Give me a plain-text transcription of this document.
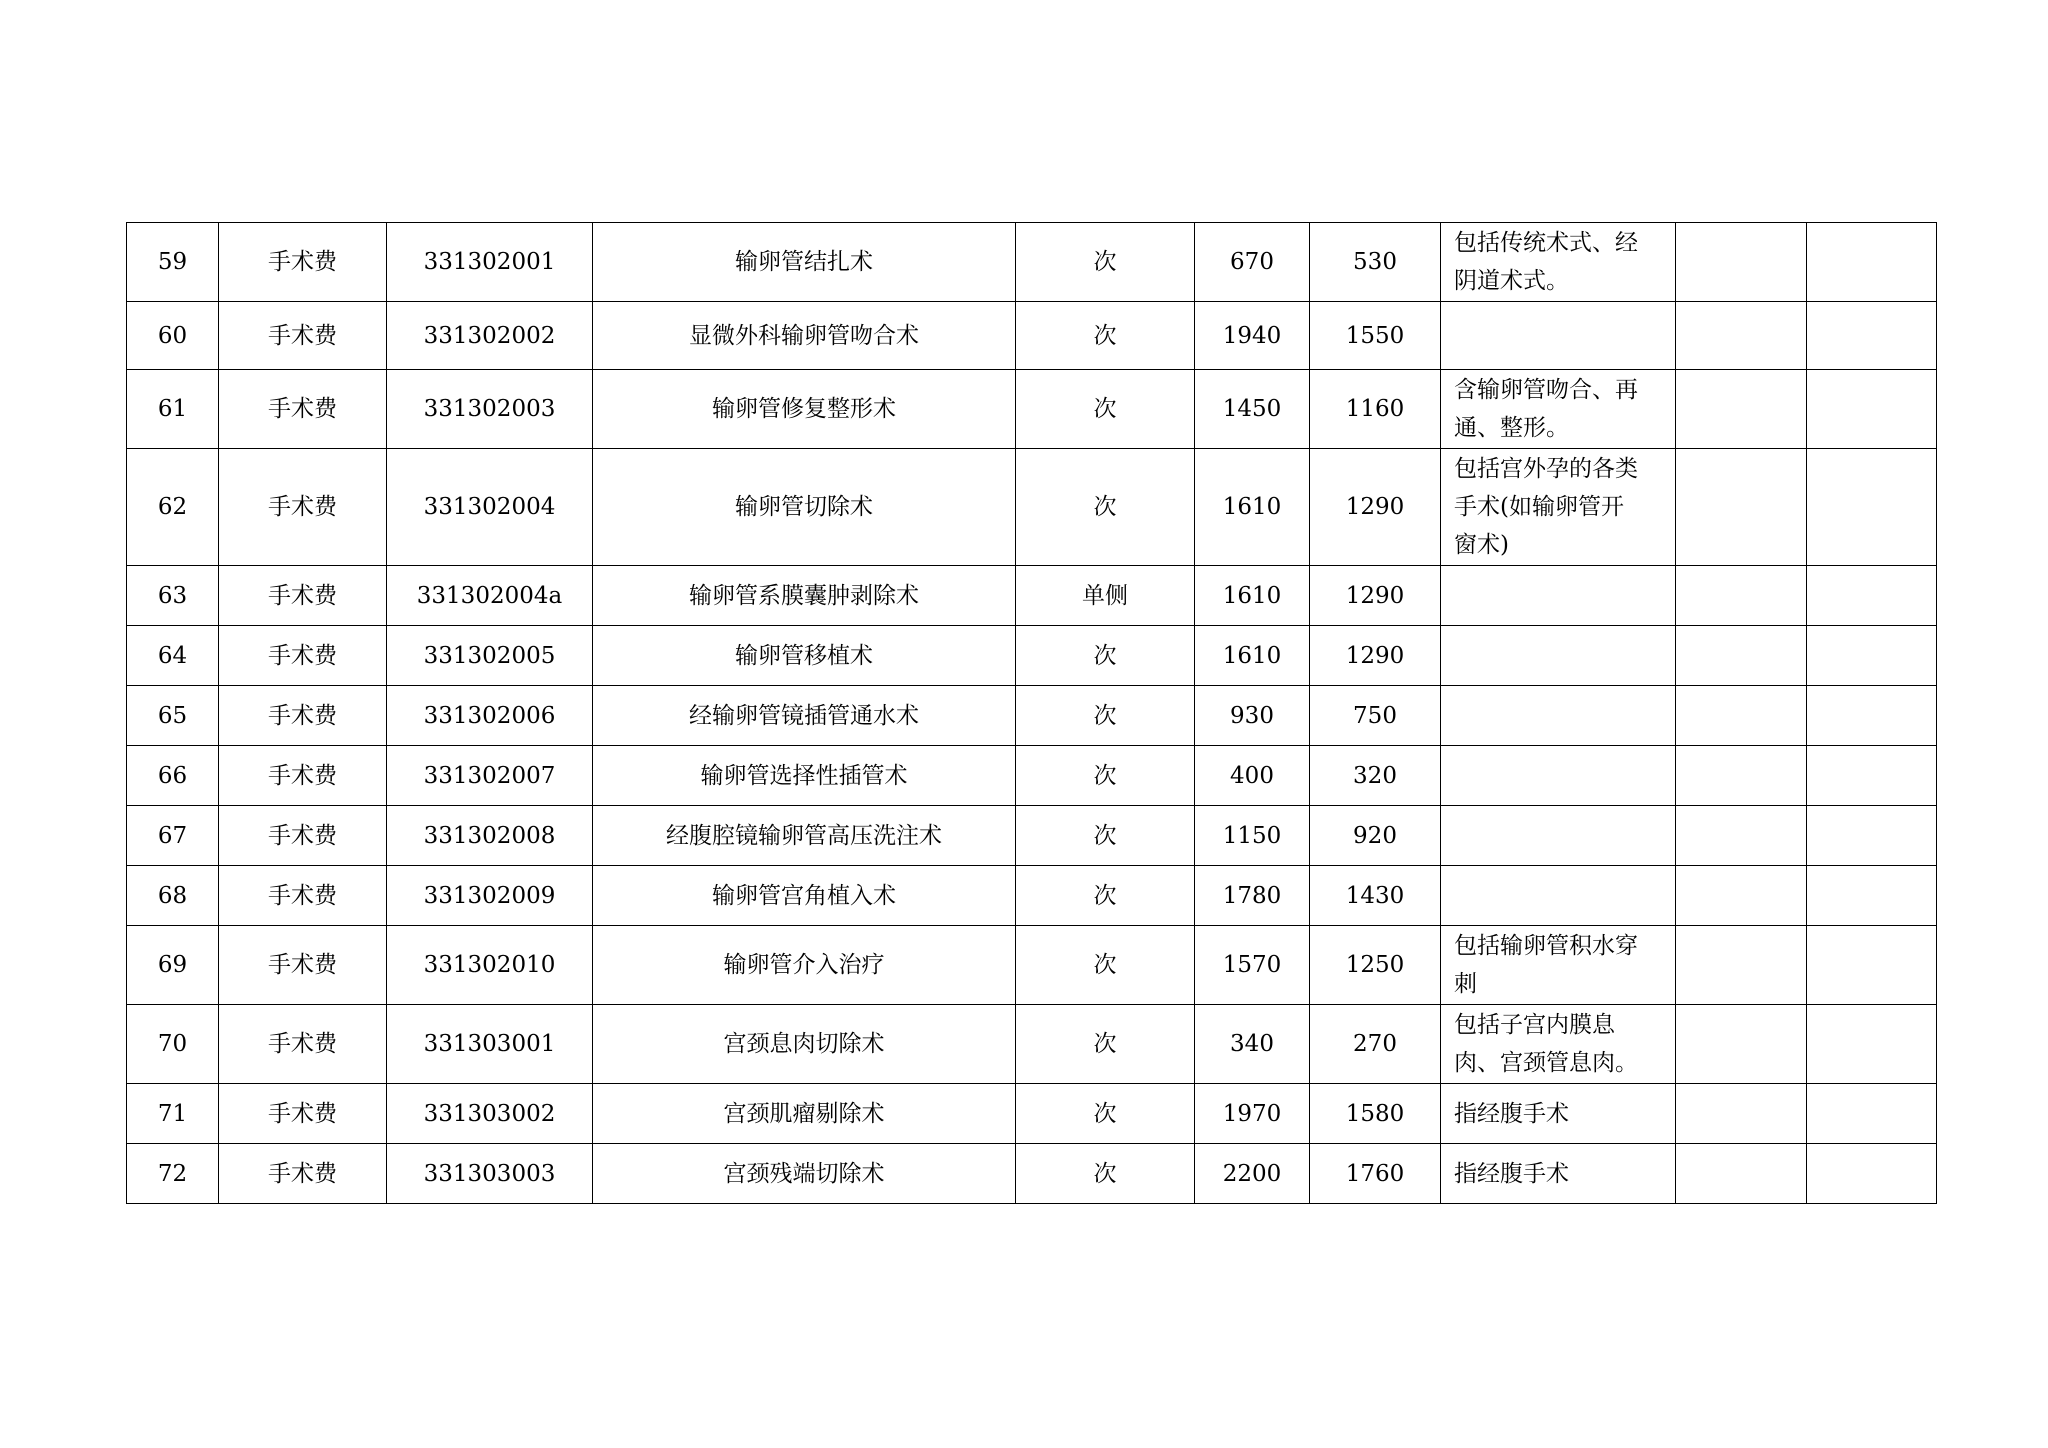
59	手术费	331302001	输卵管结扎术	次	670	530	包括传统术式、经
阴道术式。		
60	手术费	331302002	显微外科输卵管吻合术	次	1940	1550			
61	手术费	331302003	输卵管修复整形术	次	1450	1160	含输卵管吻合、再
通、整形。		
62	手术费	331302004	输卵管切除术	次	1610	1290	包括宫外孕的各类
手术(如输卵管开
窗术)		
63	手术费	331302004a	输卵管系膜囊肿剥除术	单侧	1610	1290			
64	手术费	331302005	输卵管移植术	次	1610	1290			
65	手术费	331302006	经输卵管镜插管通水术	次	930	750			
66	手术费	331302007	输卵管选择性插管术	次	400	320			
67	手术费	331302008	经腹腔镜输卵管高压洗注术	次	1150	920			
68	手术费	331302009	输卵管宫角植入术	次	1780	1430			
69	手术费	331302010	输卵管介入治疗	次	1570	1250	包括输卵管积水穿
刺		
70	手术费	331303001	宫颈息肉切除术	次	340	270	包括子宫内膜息
肉、宫颈管息肉。		
71	手术费	331303002	宫颈肌瘤剔除术	次	1970	1580	指经腹手术		
72	手术费	331303003	宫颈残端切除术	次	2200	1760	指经腹手术		
